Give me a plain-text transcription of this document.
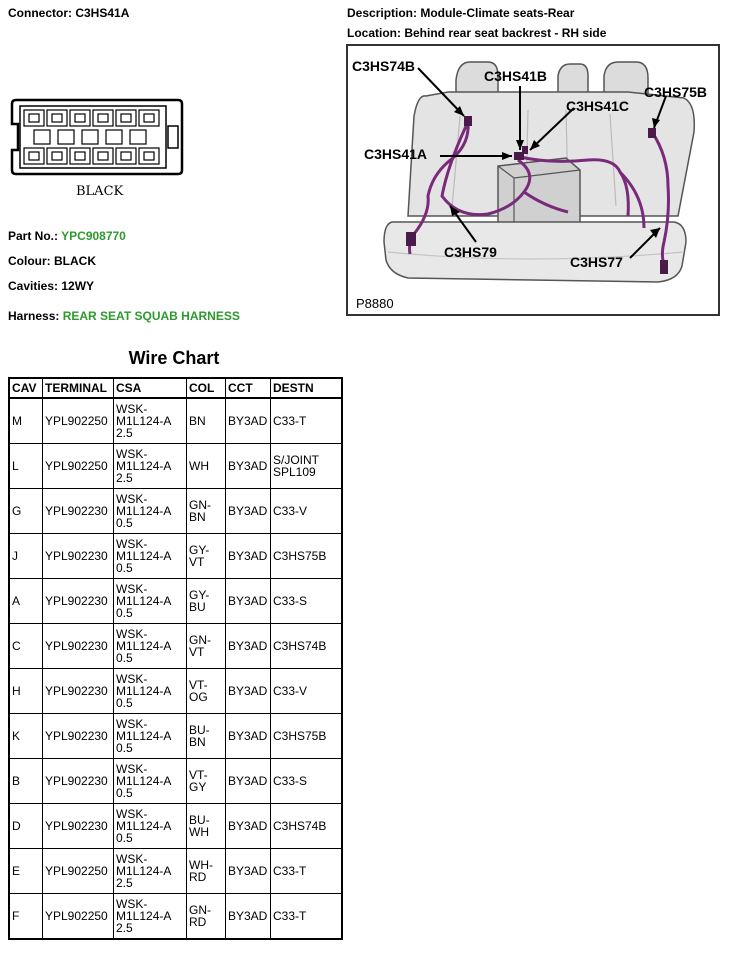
Connector: C3HS41A	Description: Module-Climate seats-Rear
Location: Behind rear seat backrest - RH side
BLACK
Part No.: YPC908770
Colour: BLACK
Cavities: 12WY
Harness: REAR SEAT SQUAB HARNESS
C3HS74B
C3HS41B
C3HS41C
C3HS75B
C3HS41A
C3HS79
C3HS77
P8880
Wire Chart
CAV	TERMINAL	CSA	COL	CCT	DESTN
M	YPL902250	WSK-
M1L124-A
2.5	BN	BY3AD	C33-T
L	YPL902250	WSK-
M1L124-A
2.5	WH	BY3AD	S/JOINT
SPL109
G	YPL902230	WSK-
M1L124-A
0.5	GN-
BN	BY3AD	C33-V
J	YPL902230	WSK-
M1L124-A
0.5	GY-
VT	BY3AD	C3HS75B
A	YPL902230	WSK-
M1L124-A
0.5	GY-
BU	BY3AD	C33-S
C	YPL902230	WSK-
M1L124-A
0.5	GN-
VT	BY3AD	C3HS74B
H	YPL902230	WSK-
M1L124-A
0.5	VT-
OG	BY3AD	C33-V
K	YPL902230	WSK-
M1L124-A
0.5	BU-
BN	BY3AD	C3HS75B
B	YPL902230	WSK-
M1L124-A
0.5	VT-
GY	BY3AD	C33-S
D	YPL902230	WSK-
M1L124-A
0.5	BU-
WH	BY3AD	C3HS74B
E	YPL902250	WSK-
M1L124-A
2.5	WH-
RD	BY3AD	C33-T
F	YPL902250	WSK-
M1L124-A
2.5	GN-
RD	BY3AD	C33-T
